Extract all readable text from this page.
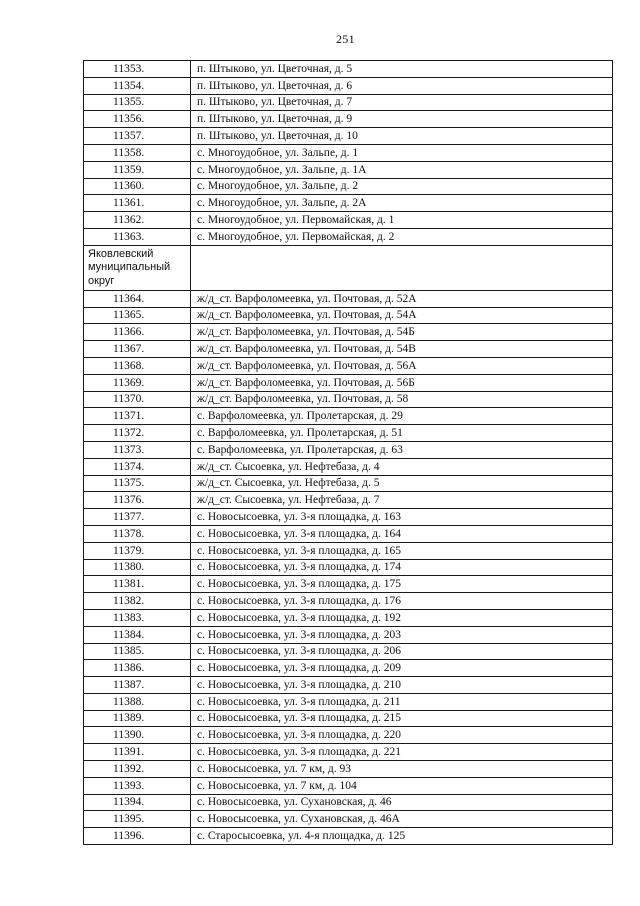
251
11353.	п. Штыково, ул. Цветочная, д. 5
11354.	п. Штыково, ул. Цветочная, д. 6
11355.	п. Штыково, ул. Цветочная, д. 7
11356.	п. Штыково, ул. Цветочная, д. 9
11357.	п. Штыково, ул. Цветочная, д. 10
11358.	с. Многоудобное, ул. Зальпе, д. 1
11359.	с. Многоудобное, ул. Зальпе, д. 1А
11360.	с. Многоудобное, ул. Зальпе, д. 2
11361.	с. Многоудобное, ул. Зальпе, д. 2А
11362.	с. Многоудобное, ул. Первомайская, д. 1
11363.	с. Многоудобное, ул. Первомайская, д. 2
Яковлевский муниципальный округ	
11364.	ж/д_ст. Варфоломеевка, ул. Почтовая, д. 52А
11365.	ж/д_ст. Варфоломеевка, ул. Почтовая, д. 54А
11366.	ж/д_ст. Варфоломеевка, ул. Почтовая, д. 54Б
11367.	ж/д_ст. Варфоломеевка, ул. Почтовая, д. 54В
11368.	ж/д_ст. Варфоломеевка, ул. Почтовая, д. 56А
11369.	ж/д_ст. Варфоломеевка, ул. Почтовая, д. 56Б
11370.	ж/д_ст. Варфоломеевка, ул. Почтовая, д. 58
11371.	с. Варфоломеевка, ул. Пролетарская, д. 29
11372.	с. Варфоломеевка, ул. Пролетарская, д. 51
11373.	с. Варфоломеевка, ул. Пролетарская, д. 63
11374.	ж/д_ст. Сысоевка, ул. Нефтебаза, д. 4
11375.	ж/д_ст. Сысоевка, ул. Нефтебаза, д. 5
11376.	ж/д_ст. Сысоевка, ул. Нефтебаза, д. 7
11377.	с. Новосысоевка, ул. 3-я площадка, д. 163
11378.	с. Новосысоевка, ул. 3-я площадка, д. 164
11379.	с. Новосысоевка, ул. 3-я площадка, д. 165
11380.	с. Новосысоевка, ул. 3-я площадка, д. 174
11381.	с. Новосысоевка, ул. 3-я площадка, д. 175
11382.	с. Новосысоевка, ул. 3-я площадка, д. 176
11383.	с. Новосысоевка, ул. 3-я площадка, д. 192
11384.	с. Новосысоевка, ул. 3-я площадка, д. 203
11385.	с. Новосысоевка, ул. 3-я площадка, д. 206
11386.	с. Новосысоевка, ул. 3-я площадка, д. 209
11387.	с. Новосысоевка, ул. 3-я площадка, д. 210
11388.	с. Новосысоевка, ул. 3-я площадка, д. 211
11389.	с. Новосысоевка, ул. 3-я площадка, д. 215
11390.	с. Новосысоевка, ул. 3-я площадка, д. 220
11391.	с. Новосысоевка, ул. 3-я площадка, д. 221
11392.	с. Новосысоевка, ул. 7 км, д. 93
11393.	с. Новосысоевка, ул. 7 км, д. 104
11394.	с. Новосысоевка, ул. Сухановская, д. 46
11395.	с. Новосысоевка, ул. Сухановская, д. 46А
11396.	с. Старосысоевка, ул. 4-я площадка, д. 125
